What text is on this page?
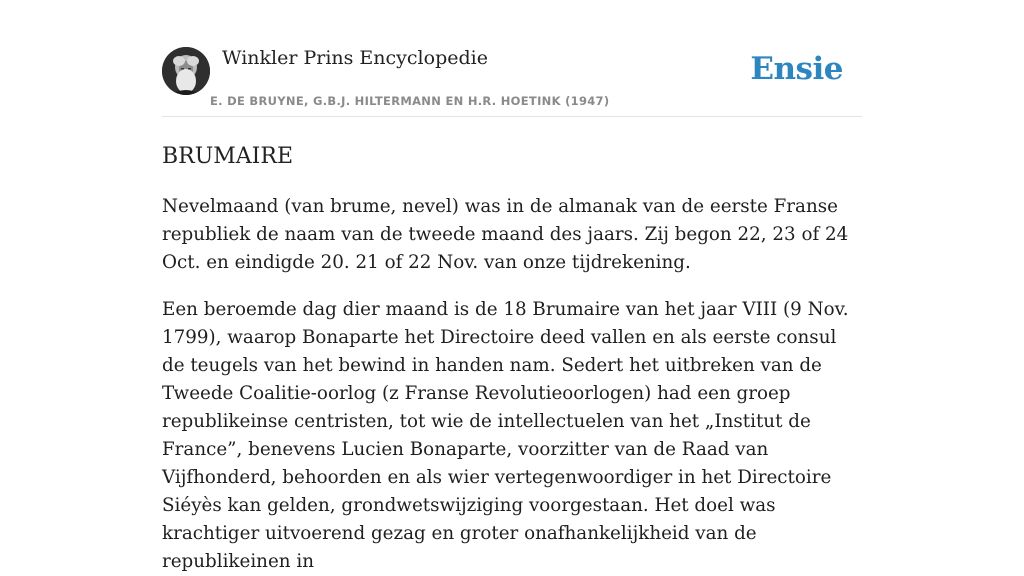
Winkler Prins Encyclopedie	Ensie
E. DE BRUYNE, G.B.J. HILTERMANN EN H.R. HOETINK (1947)
BRUMAIRE

Nevelmaand (van brume, nevel) was in de almanak van de eerste Franse republiek de naam van de tweede maand des jaars. Zij begon 22, 23 of 24 Oct. en eindigde 20. 21 of 22 Nov. van onze tijdrekening.

Een beroemde dag dier maand is de 18 Brumaire van het jaar VIII (9 Nov. 1799), waarop Bonaparte het Directoire deed vallen en als eerste consul de teugels van het bewind in handen nam. Sedert het uitbreken van de Tweede Coalitie-oorlog (z Franse Revolutieoorlogen) had een groep republikeinse centristen, tot wie de intellectuelen van het „Institut de France”, benevens Lucien Bonaparte, voorzitter van de Raad van Vijfhonderd, behoorden en als wier vertegenwoordiger in het Directoire Siéyès kan gelden, grondwetswijziging voorgestaan. Het doel was krachtiger uitvoerend gezag en groter onafhankelijkheid van de republikeinen in
